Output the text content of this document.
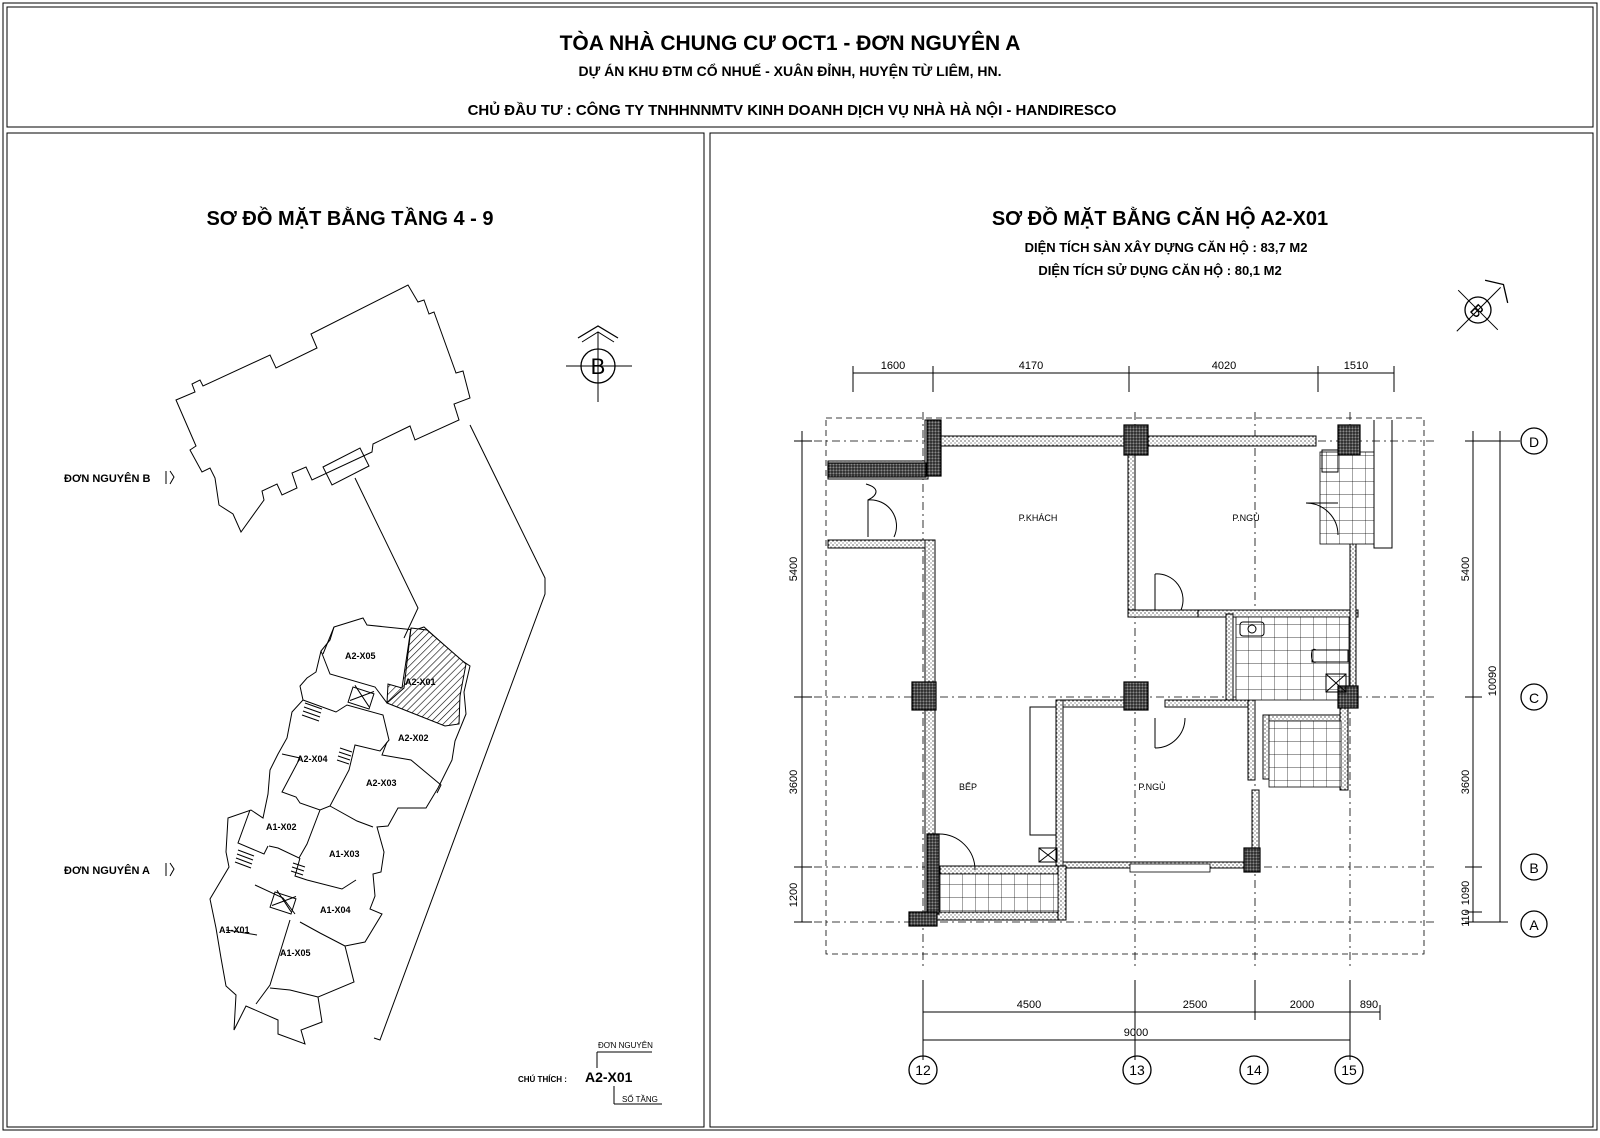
TÒA NHÀ CHUNG CƯ OCT1 - ĐƠN NGUYÊN A
DỰ ÁN KHU ĐTM CỔ NHUẾ - XUÂN ĐỈNH, HUYỆN TỪ LIÊM, HN.
CHỦ ĐẦU TƯ : CÔNG TY TNHHNNMTV KINH DOANH DỊCH VỤ NHÀ HÀ NỘI - HANDIRESCO
SƠ ĐỒ MẶT BẰNG TẦNG 4 - 9
B
A2-X05
A2-X01
A2-X02
A2-X04
A2-X03
A1-X02
A1-X03
A1-X04
A1-X01
A1-X05
ĐƠN NGUYÊN B
ĐƠN NGUYÊN A
ĐƠN NGUYÊN
CHÚ THÍCH : A2-X01
SỐ TẦNG
SƠ ĐỒ MẶT BẰNG CĂN HỘ A2-X01
DIỆN TÍCH SÀN XÂY DỰNG CĂN HỘ : 83,7 M2
DIỆN TÍCH SỬ DỤNG CĂN HỘ : 80,1 M2
B
1600	4170	4020	1510
4500	2500	2000	890
9000
5400
3600
1200
5400
3600
1090
110
10090
D
C
B
A
12	13	14	15
P.KHÁCH	P.NGỦ
P.NGỦ
BẾP
